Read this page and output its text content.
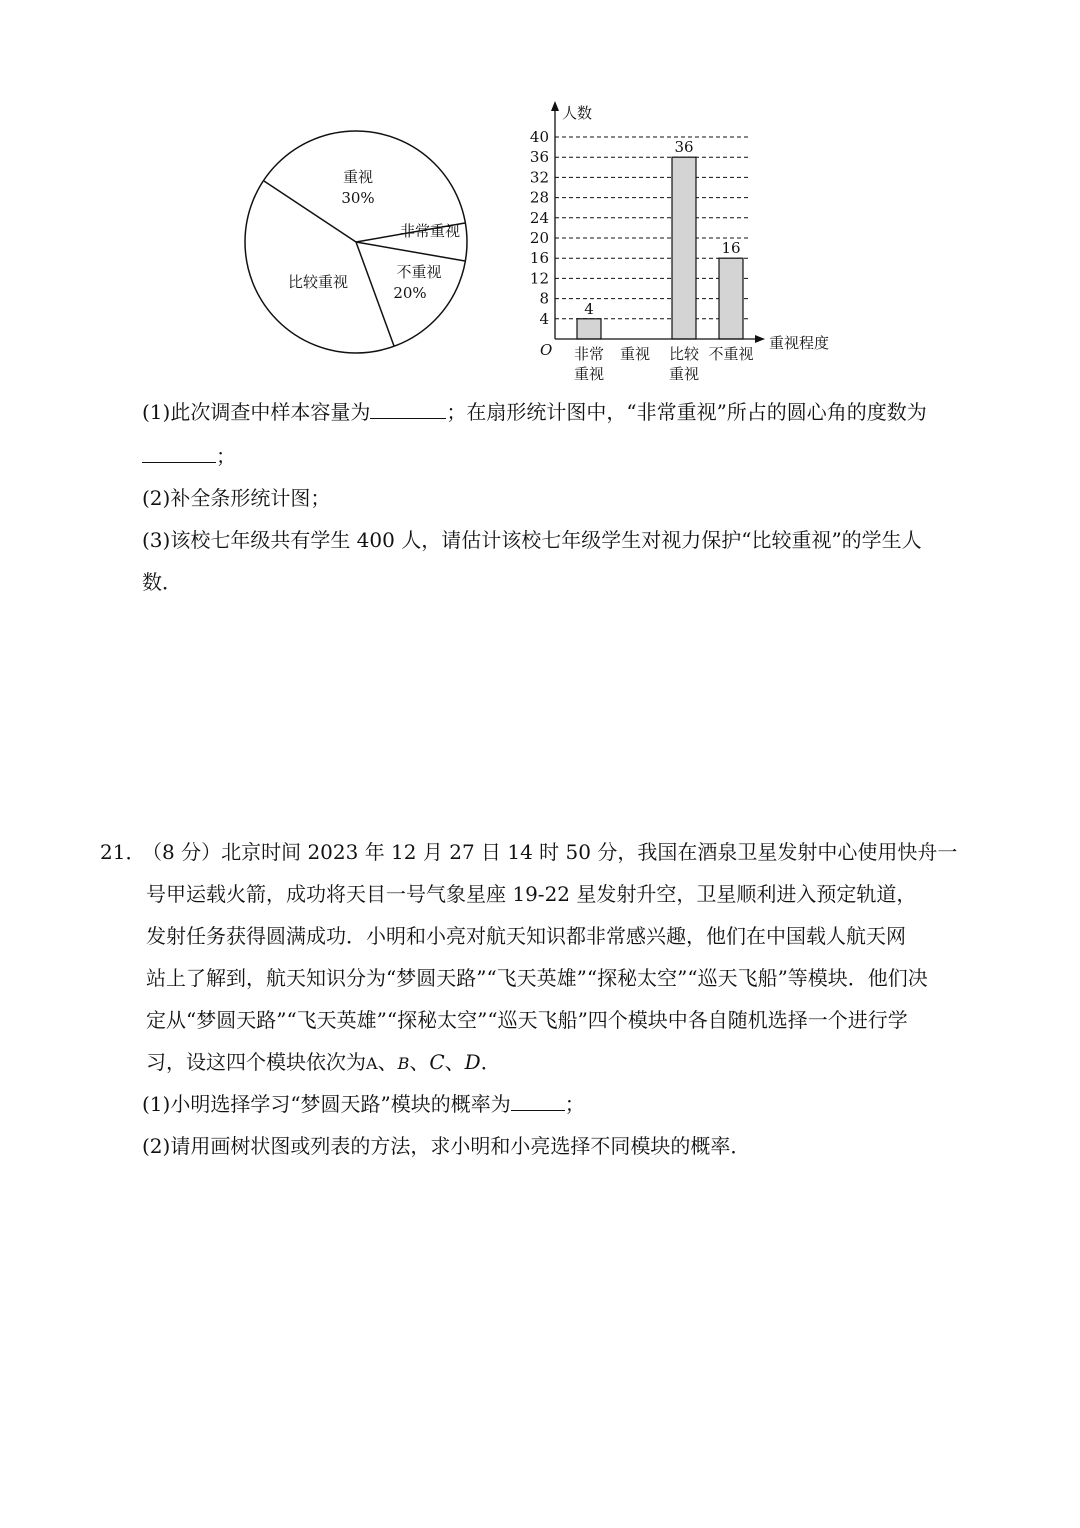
重视
30%
非常重视
不重视
20%
比较重视
4
8
12
16
20
24
28
32
36
40
4
36
16
非常
重视
重视 比较
重视
不重视
人数
重视程度
O
(1)此次调查中样本容量为	；在扇形统计图中，“非常重视”所占的圆心角的度数为
；
(2)补全条形统计图；
(3)该校七年级共有学生 400 人，请估计该校七年级学生对视力保护“比较重视”的学生人
数．
21．
（8 分）北京时间 2023 年 12 月 27 日 14 时 50 分，我国在酒泉卫星发射中心使用快舟一
号甲运载火箭，成功将天目一号气象星座 19-22 星发射升空，卫星顺利进入预定轨道，
发射任务获得圆满成功．小明和小亮对航天知识都非常感兴趣，他们在中国载人航天网
站上了解到，航天知识分为“梦圆天路”“飞天英雄”“探秘太空”“巡天飞船”等模块．他们决
定从“梦圆天路”“飞天英雄”“探秘太空”“巡天飞船”四个模块中各自随机选择一个进行学
习，设这四个模块依次为A、B、C、D．
(1)小明选择学习“梦圆天路”模块的概率为	；
(2)请用画树状图或列表的方法，求小明和小亮选择不同模块的概率．
